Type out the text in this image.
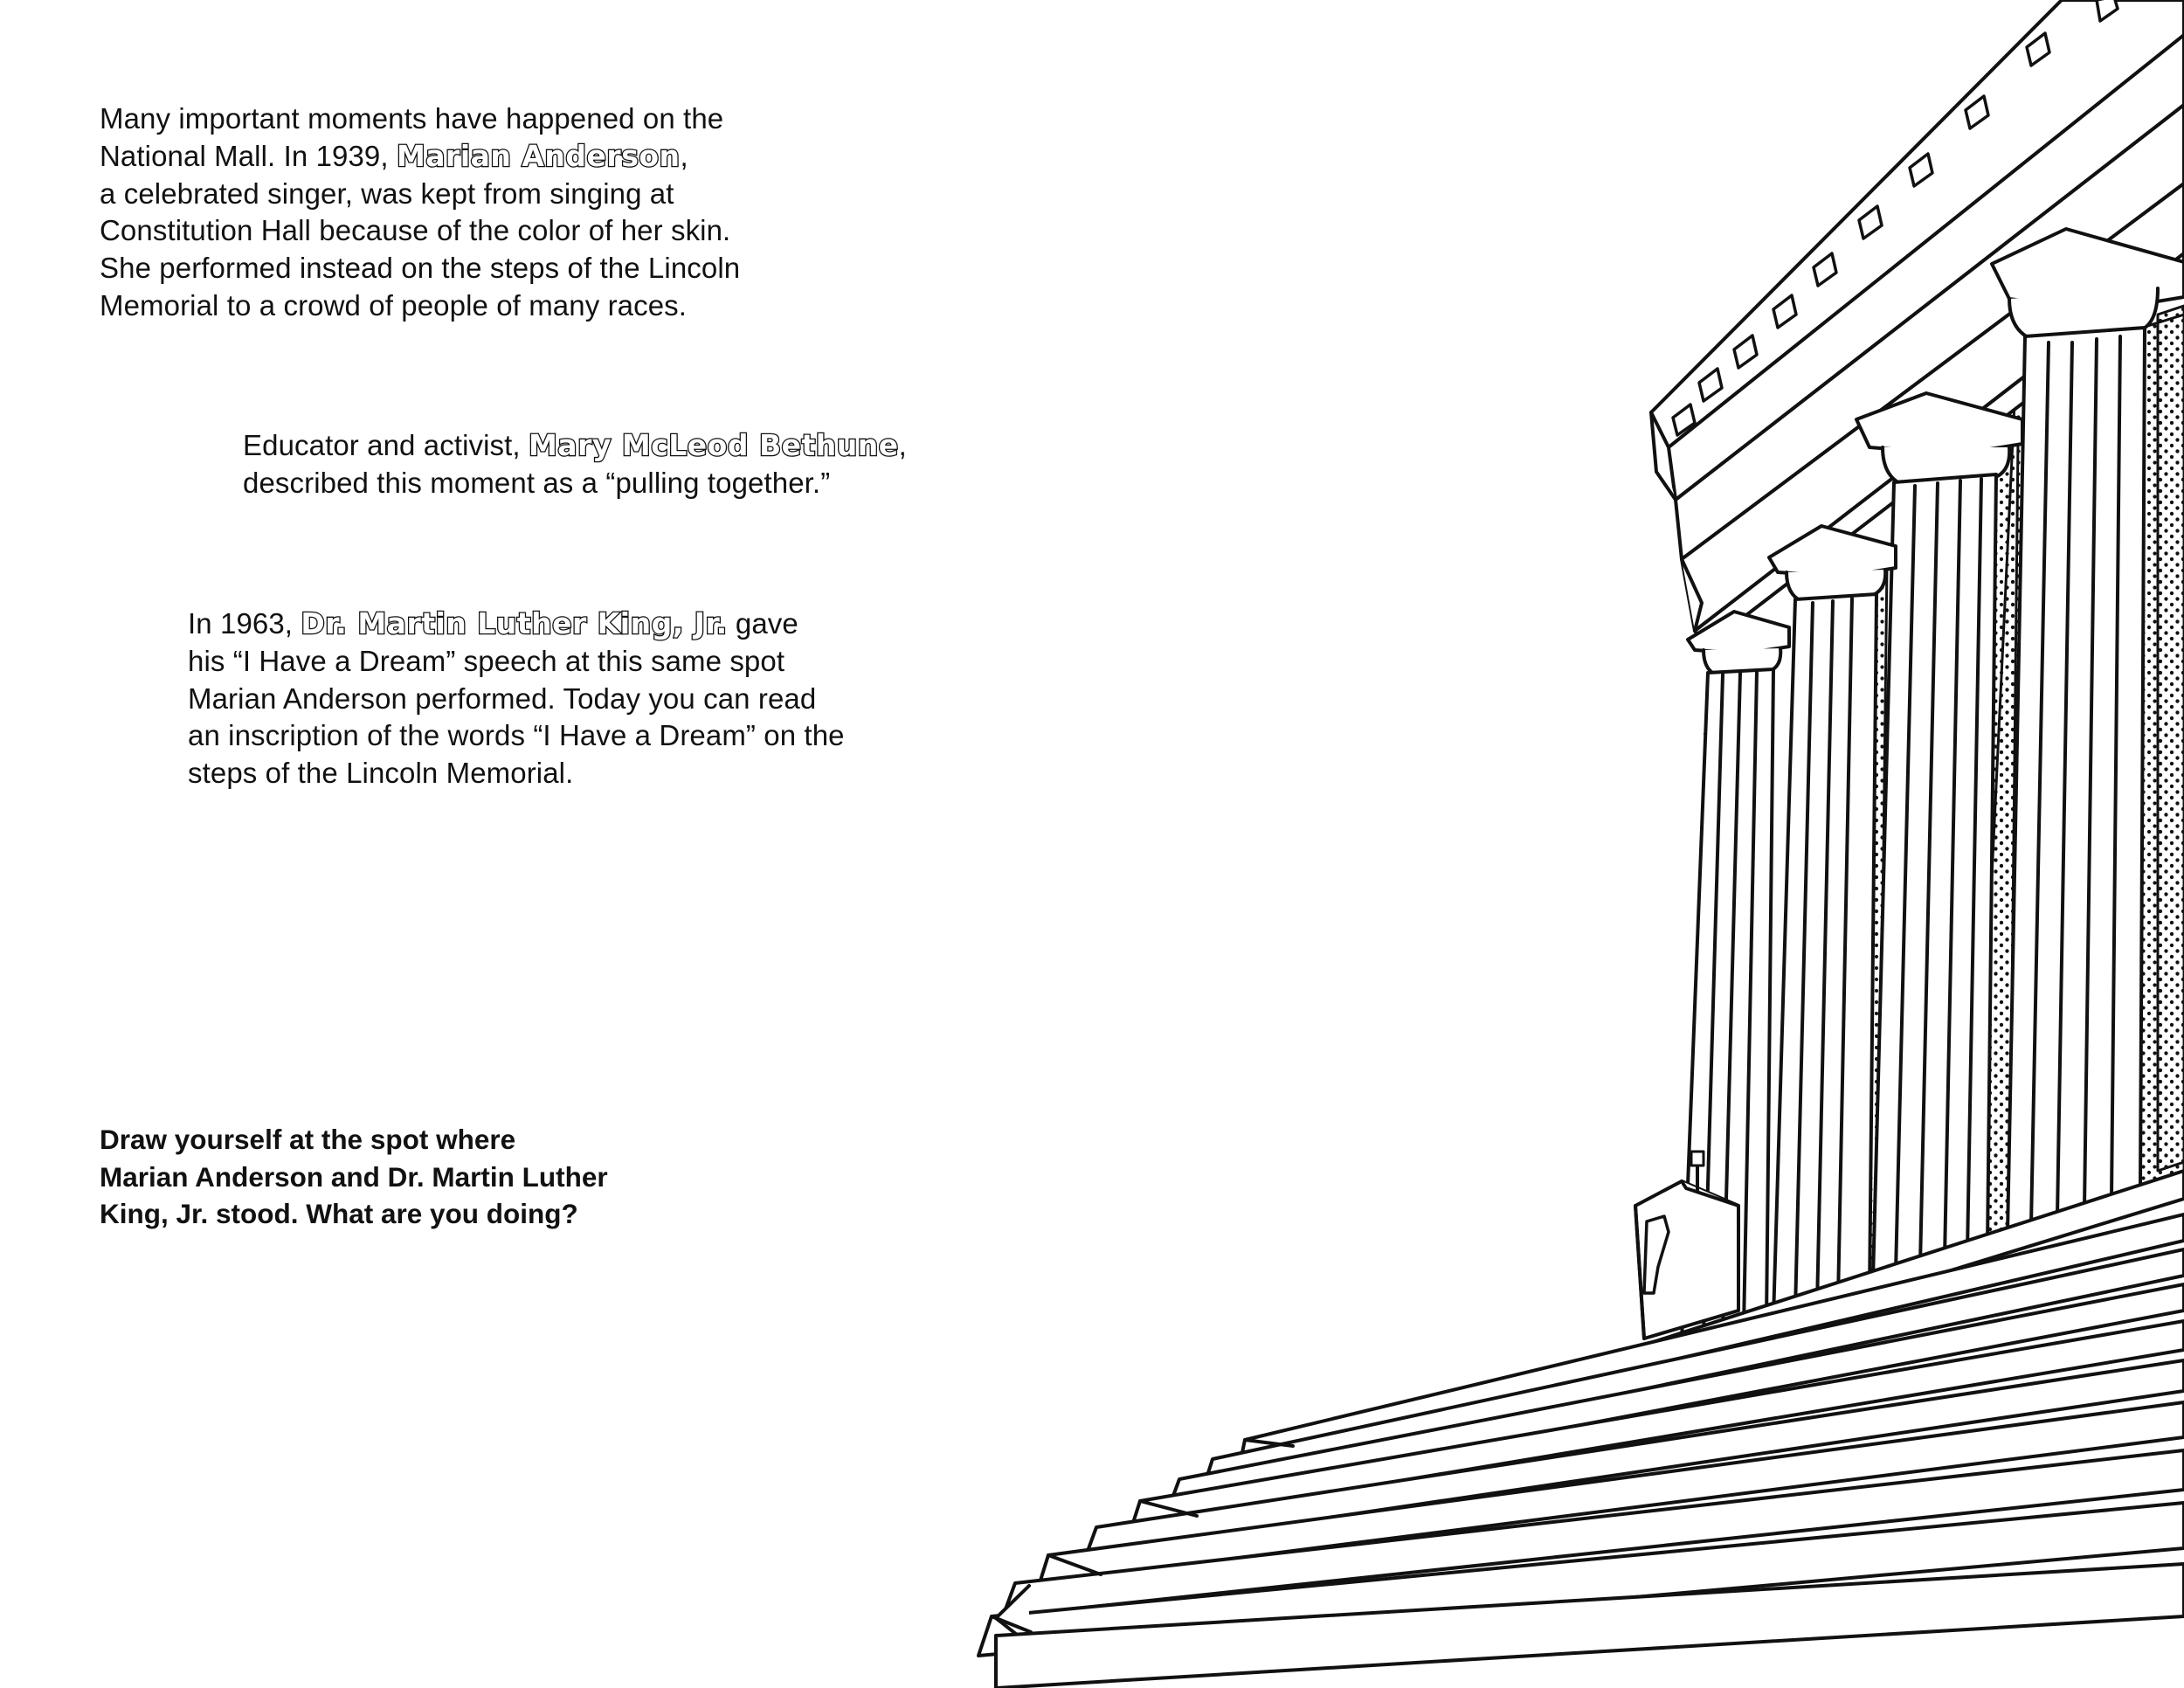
Many important moments have happened on the
National Mall. In 1939, Marian Anderson,
a celebrated singer, was kept from singing at
Constitution Hall because of the color of her skin.
She performed instead on the steps of the Lincoln
Memorial to a crowd of people of many races.

Educator and activist, Mary McLeod Bethune,
described this moment as a “pulling together.”

In 1963, Dr. Martin Luther King, Jr. gave
his “I Have a Dream” speech at this same spot
Marian Anderson performed. Today you can read
an inscription of the words “I Have a Dream” on the
steps of the Lincoln Memorial.

Draw yourself at the spot where
Marian Anderson and Dr. Martin Luther
King, Jr. stood. What are you doing?
